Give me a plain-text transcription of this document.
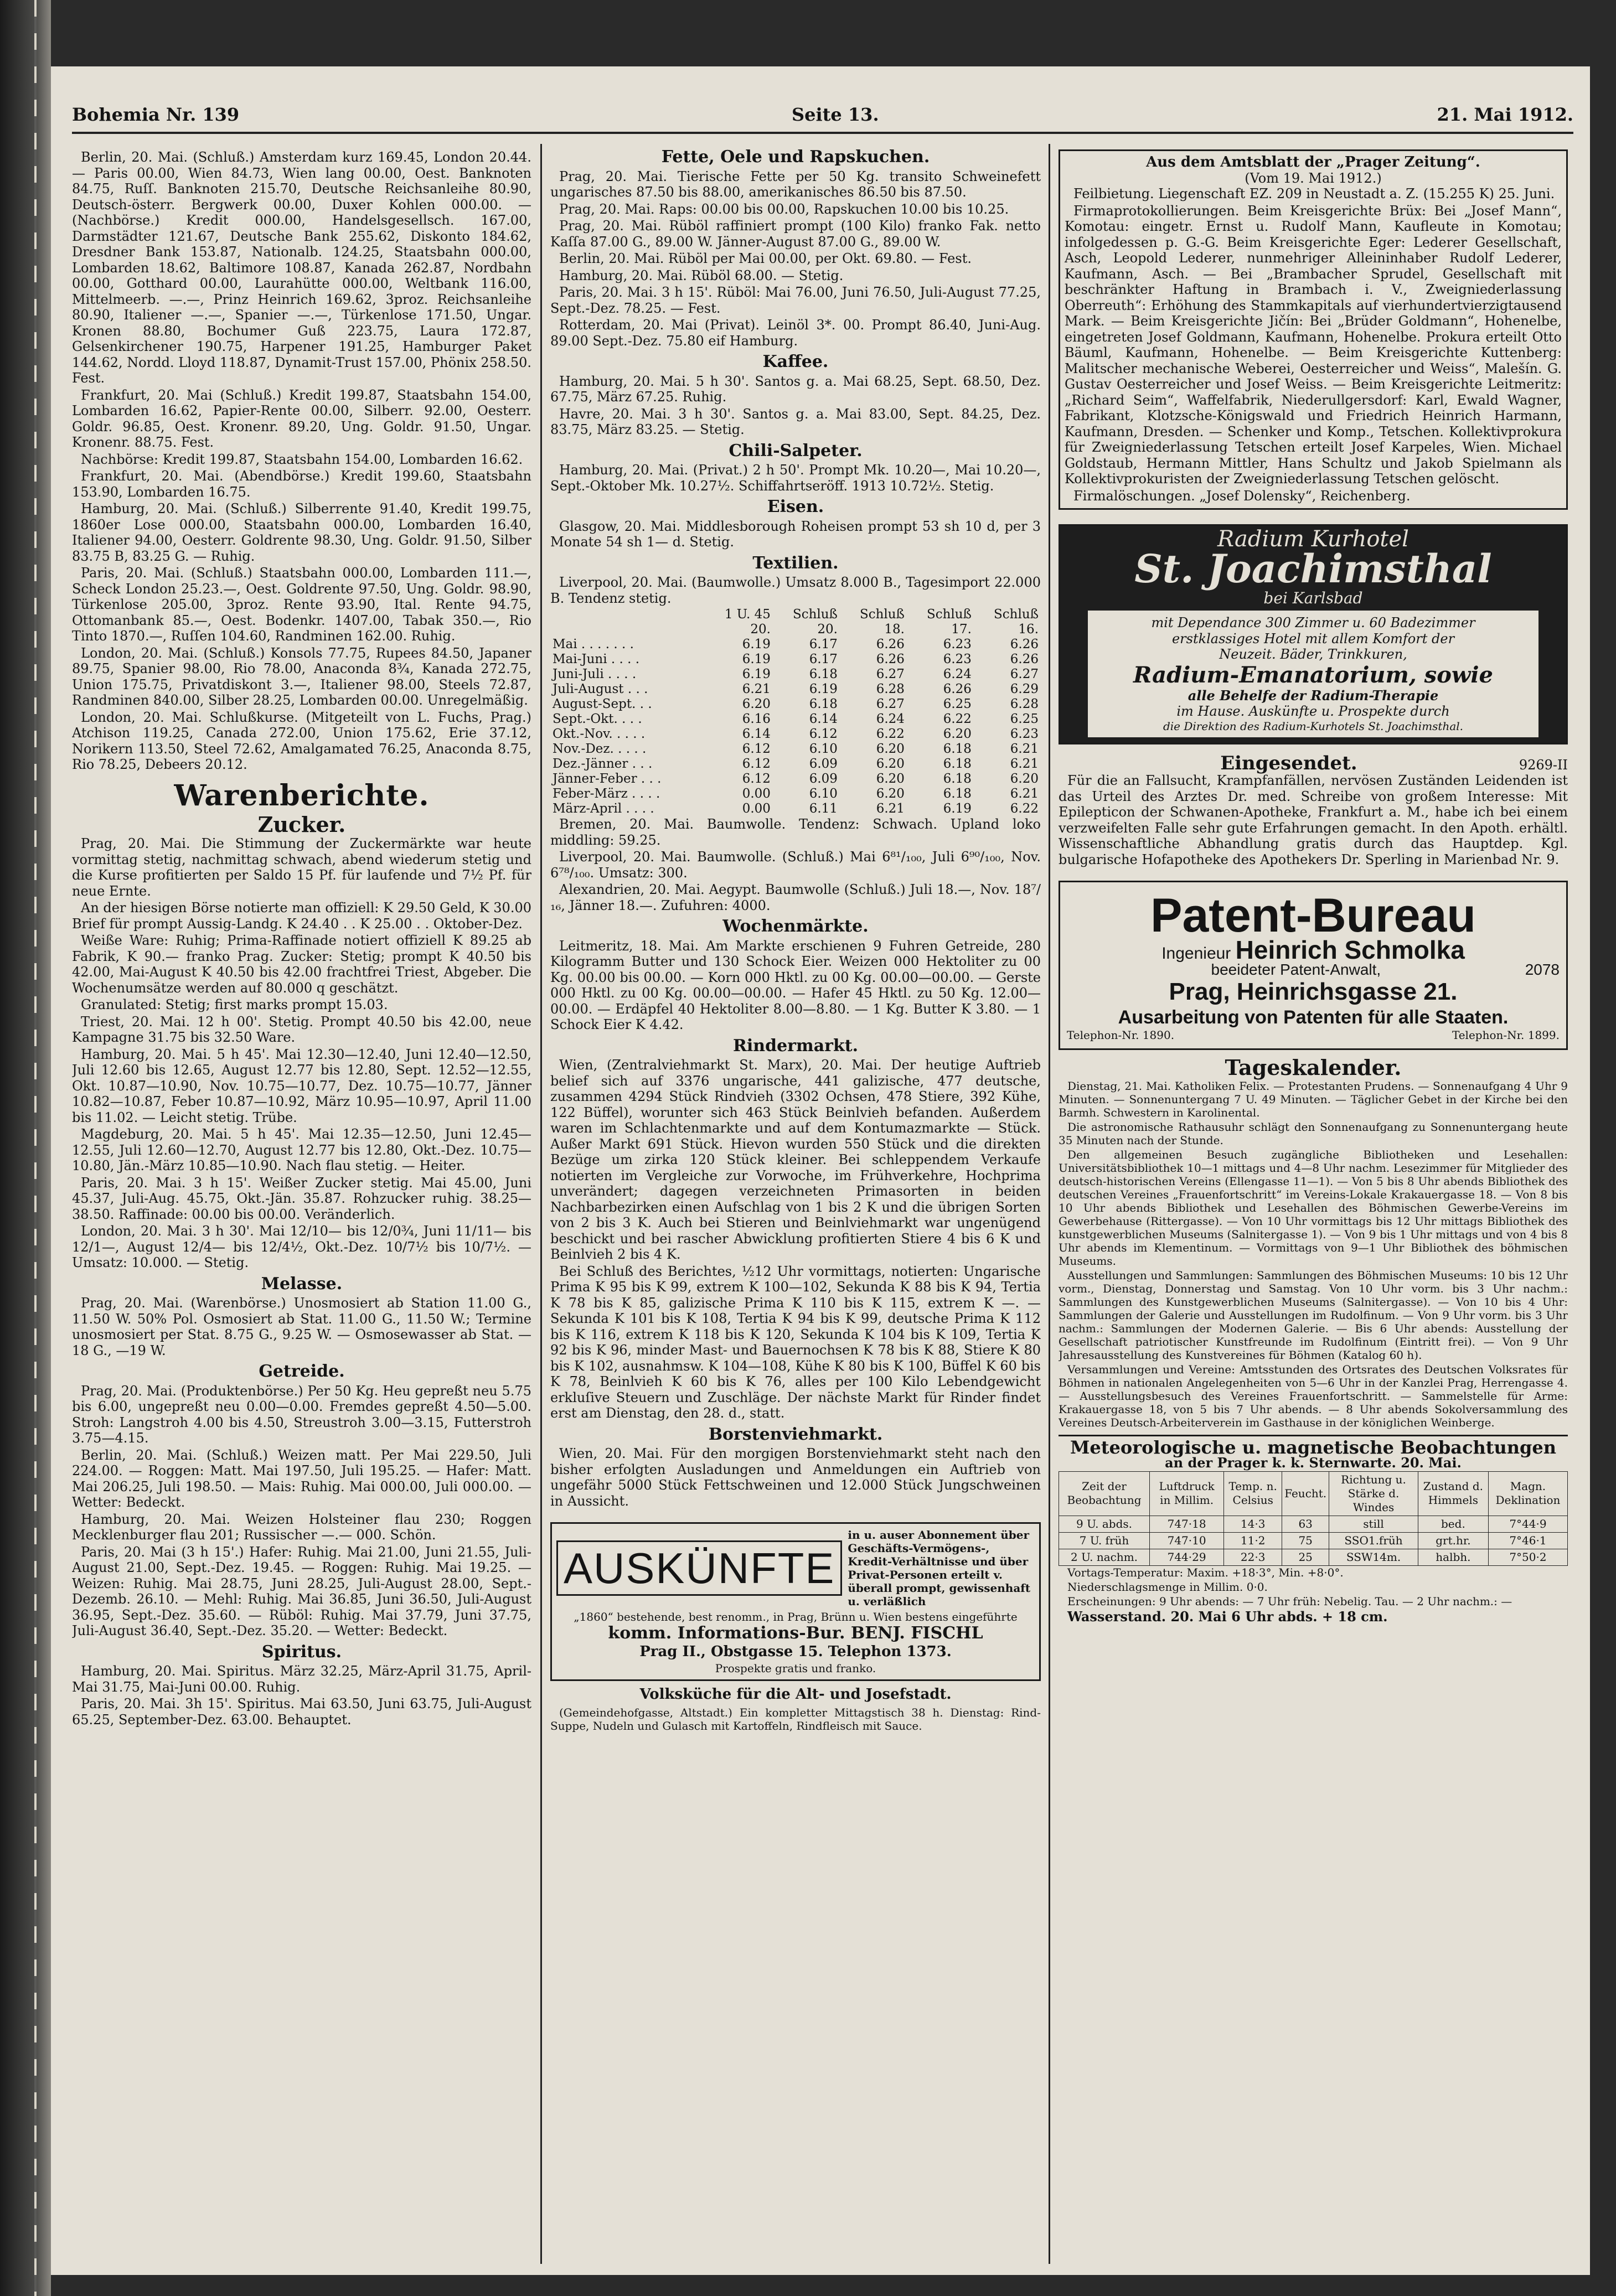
Bohemia Nr. 139	Seite 13.	21. Mai 1912.

Berlin, 20. Mai. (Schluß.) Amsterdam kurz 169.45, London 20.44. — Paris 00.00, Wien 84.73, Wien lang 00.00, Oest. Banknoten 84.75, Ruſſ. Banknoten 215.70, Deutsche Reichsanleihe 80.90, Deutsch-österr. Bergwerk 00.00, Duxer Kohlen 000.00. — (Nachbörse.) Kredit 000.00, Handelsgesellsch. 167.00, Darmstädter 121.67, Deutsche Bank 255.62, Diskonto 184.62, Dresdner Bank 153.87, Nationalb. 124.25, Staatsbahn 000.00, Lombarden 18.62, Baltimore 108.87, Kanada 262.87, Nordbahn 00.00, Gotthard 00.00, Laurahütte 000.00, Weltbank 116.00, Mittelmeerb. —.—, Prinz Heinrich 169.62, 3proz. Reichsanleihe 80.90, Italiener —.—, Spanier —.—, Türkenlose 171.50, Ungar. Kronen 88.80, Bochumer Guß 223.75, Laura 172.87, Gelsenkirchener 190.75, Harpener 191.25, Hamburger Paket 144.62, Nordd. Lloyd 118.87, Dynamit-Trust 157.00, Phönix 258.50. Fest.

Frankfurt, 20. Mai (Schluß.) Kredit 199.87, Staatsbahn 154.00, Lombarden 16.62, Papier-Rente 00.00, Silberr. 92.00, Oesterr. Goldr. 96.85, Oest. Kronenr. 89.20, Ung. Goldr. 91.50, Ungar. Kronenr. 88.75. Fest.

Nachbörse: Kredit 199.87, Staatsbahn 154.00, Lombarden 16.62.

Frankfurt, 20. Mai. (Abendbörse.) Kredit 199.60, Staatsbahn 153.90, Lombarden 16.75.

Hamburg, 20. Mai. (Schluß.) Silberrente 91.40, Kredit 199.75, 1860er Lose 000.00, Staatsbahn 000.00, Lombarden 16.40, Italiener 94.00, Oesterr. Goldrente 98.30, Ung. Goldr. 91.50, Silber 83.75 B, 83.25 G. — Ruhig.

Paris, 20. Mai. (Schluß.) Staatsbahn 000.00, Lombarden 111.—, Scheck London 25.23.—, Oest. Goldrente 97.50, Ung. Goldr. 98.90, Türkenlose 205.00, 3proz. Rente 93.90, Ital. Rente 94.75, Ottomanbank 85.—, Oest. Bodenkr. 1407.00, Tabak 350.—, Rio Tinto 1870.—, Ruſſen 104.60, Randminen 162.00. Ruhig.

London, 20. Mai. (Schluß.) Konsols 77.75, Rupees 84.50, Japaner 89.75, Spanier 98.00, Rio 78.00, Anaconda 8¾, Kanada 272.75, Union 175.75, Privatdiskont 3.—, Italiener 98.00, Steels 72.87, Randminen 840.00, Silber 28.25, Lombarden 00.00. Unregelmäßig.

London, 20. Mai. Schlußkurse. (Mitgeteilt von L. Fuchs, Prag.) Atchison 119.25, Canada 272.00, Union 175.62, Erie 37.12, Norikern 113.50, Steel 72.62, Amalgamated 76.25, Anaconda 8.75, Rio 78.25, Debeers 20.12.

Warenberichte.
Zucker.

Prag, 20. Mai. Die Stimmung der Zuckermärkte war heute vormittag stetig, nachmittag schwach, abend wiederum stetig und die Kurse profitierten per Saldo 15 Pf. für laufende und 7½ Pf. für neue Ernte.

An der hiesigen Börse notierte man offiziell: K 29.50 Geld, K 30.00 Brief für prompt Aussig-Landg. K 24.40 . . K 25.00 . . Oktober-Dez.

Weiße Ware: Ruhig; Prima-Raffinade notiert offiziell K 89.25 ab Fabrik, K 90.— franko Prag. Zucker: Stetig; prompt K 40.50 bis 42.00, Mai-August K 40.50 bis 42.00 frachtfrei Triest, Abgeber. Die Wochenumsätze werden auf 80.000 q geschätzt.

Granulated: Stetig; first marks prompt 15.03.

Triest, 20. Mai. 12 h 00'. Stetig. Prompt 40.50 bis 42.00, neue Kampagne 31.75 bis 32.50 Ware.

Hamburg, 20. Mai. 5 h 45'. Mai 12.30—12.40, Juni 12.40—12.50, Juli 12.60 bis 12.65, August 12.77 bis 12.80, Sept. 12.52—12.55, Okt. 10.87—10.90, Nov. 10.75—10.77, Dez. 10.75—10.77, Jänner 10.82—10.87, Feber 10.87—10.92, März 10.95—10.97, April 11.00 bis 11.02. — Leicht stetig. Trübe.

Magdeburg, 20. Mai. 5 h 45'. Mai 12.35—12.50, Juni 12.45—12.55, Juli 12.60—12.70, August 12.77 bis 12.80, Okt.-Dez. 10.75—10.80, Jän.-März 10.85—10.90. Nach flau stetig. — Heiter.

Paris, 20. Mai. 3 h 15'. Weißer Zucker stetig. Mai 45.00, Juni 45.37, Juli-Aug. 45.75, Okt.-Jän. 35.87. Rohzucker ruhig. 38.25—38.50. Raffinade: 00.00 bis 00.00. Veränderlich.

London, 20. Mai. 3 h 30'. Mai 12/10— bis 12/0¾, Juni 11/11— bis 12/1—, August 12/4— bis 12/4½, Okt.-Dez. 10/7½ bis 10/7½. — Umsatz: 10.000. — Stetig.

Melasse.

Prag, 20. Mai. (Warenbörse.) Unosmosiert ab Station 11.00 G., 11.50 W. 50% Pol. Osmosiert ab Stat. 11.00 G., 11.50 W.; Termine unosmosiert per Stat. 8.75 G., 9.25 W. — Osmosewasser ab Stat. —18 G., —19 W.

Getreide.

Prag, 20. Mai. (Produktenbörse.) Per 50 Kg. Heu gepreßt neu 5.75 bis 6.00, ungepreßt neu 0.00—0.00. Fremdes gepreßt 4.50—5.00. Stroh: Langstroh 4.00 bis 4.50, Streustroh 3.00—3.15, Futterstroh 3.75—4.15.

Berlin, 20. Mai. (Schluß.) Weizen matt. Per Mai 229.50, Juli 224.00. — Roggen: Matt. Mai 197.50, Juli 195.25. — Hafer: Matt. Mai 206.25, Juli 198.50. — Mais: Ruhig. Mai 000.00, Juli 000.00. — Wetter: Bedeckt.

Hamburg, 20. Mai. Weizen Holsteiner flau 230; Roggen Mecklenburger flau 201; Russischer —.— 000. Schön.

Paris, 20. Mai (3 h 15'.) Hafer: Ruhig. Mai 21.00, Juni 21.55, Juli-August 21.00, Sept.-Dez. 19.45. — Roggen: Ruhig. Mai 19.25. — Weizen: Ruhig. Mai 28.75, Juni 28.25, Juli-August 28.00, Sept.-Dezemb. 26.10. — Mehl: Ruhig. Mai 36.85, Juni 36.50, Juli-August 36.95, Sept.-Dez. 35.60. — Rüböl: Ruhig. Mai 37.79, Juni 37.75, Juli-August 36.40, Sept.-Dez. 35.20. — Wetter: Bedeckt.

Spiritus.

Hamburg, 20. Mai. Spiritus. März 32.25, März-April 31.75, April-Mai 31.75, Mai-Juni 00.00. Ruhig.

Paris, 20. Mai. 3h 15'. Spiritus. Mai 63.50, Juni 63.75, Juli-August 65.25, September-Dez. 63.00. Behauptet.

Fette, Oele und Rapskuchen.

Prag, 20. Mai. Tierische Fette per 50 Kg. transito Schweinefett ungarisches 87.50 bis 88.00, amerikanisches 86.50 bis 87.50.

Prag, 20. Mai. Raps: 00.00 bis 00.00, Rapskuchen 10.00 bis 10.25.

Prag, 20. Mai. Rüböl raffiniert prompt (100 Kilo) franko Fak. netto Kaſſa 87.00 G., 89.00 W. Jänner-August 87.00 G., 89.00 W.

Berlin, 20. Mai. Rüböl per Mai 00.00, per Okt. 69.80. — Fest.

Hamburg, 20. Mai. Rüböl 68.00. — Stetig.

Paris, 20. Mai. 3 h 15'. Rüböl: Mai 76.00, Juni 76.50, Juli-August 77.25, Sept.-Dez. 78.25. — Fest.

Rotterdam, 20. Mai (Privat). Leinöl 3*. 00. Prompt 86.40, Juni-Aug. 89.00 Sept.-Dez. 75.80 eif Hamburg.

Kaffee.

Hamburg, 20. Mai. 5 h 30'. Santos g. a. Mai 68.25, Sept. 68.50, Dez. 67.75, März 67.25. Ruhig.

Havre, 20. Mai. 3 h 30'. Santos g. a. Mai 83.00, Sept. 84.25, Dez. 83.75, März 83.25. — Stetig.

Chili-Salpeter.

Hamburg, 20. Mai. (Privat.) 2 h 50'. Prompt Mk. 10.20—, Mai 10.20—, Sept.-Oktober Mk. 10.27½. Schiffahrtseröff. 1913 10.72½. Stetig.

Eisen.

Glasgow, 20. Mai. Middlesborough Roheisen prompt 53 sh 10 d, per 3 Monate 54 sh 1— d. Stetig.

Textilien.

Liverpool, 20. Mai. (Baumwolle.) Umsatz 8.000 B., Tagesimport 22.000 B. Tendenz stetig.

	1 U. 45	Schluß	Schluß	Schluß	Schluß
	20.	20.	18.	17.	16.
Mai . . . . . . .	6.19	6.17	6.26	6.23	6.26
Mai-Juni . . . .	6.19	6.17	6.26	6.23	6.26
Juni-Juli . . . .	6.19	6.18	6.27	6.24	6.27
Juli-August . . .	6.21	6.19	6.28	6.26	6.29
August-Sept. . .	6.20	6.18	6.27	6.25	6.28
Sept.-Okt. . . .	6.16	6.14	6.24	6.22	6.25
Okt.-Nov. . . . .	6.14	6.12	6.22	6.20	6.23
Nov.-Dez. . . . .	6.12	6.10	6.20	6.18	6.21
Dez.-Jänner . . .	6.12	6.09	6.20	6.18	6.21
Jänner-Feber . . .	6.12	6.09	6.20	6.18	6.20
Feber-März . . . .	0.00	6.10	6.20	6.18	6.21
März-April . . . .	0.00	6.11	6.21	6.19	6.22

Bremen, 20. Mai. Baumwolle. Tendenz: Schwach. Upland loko middling: 59.25.

Liverpool, 20. Mai. Baumwolle. (Schluß.) Mai 6⁸¹/₁₀₀, Juli 6⁹⁰/₁₀₀, Nov. 6⁷⁸/₁₀₀. Umsatz: 300.

Alexandrien, 20. Mai. Aegypt. Baumwolle (Schluß.) Juli 18.—, Nov. 18⁷/₁₆, Jänner 18.—. Zufuhren: 4000.

Wochenmärkte.

Leitmeritz, 18. Mai. Am Markte erschienen 9 Fuhren Getreide, 280 Kilogramm Butter und 130 Schock Eier. Weizen 000 Hektoliter zu 00 Kg. 00.00 bis 00.00. — Korn 000 Hktl. zu 00 Kg. 00.00—00.00. — Gerste 000 Hktl. zu 00 Kg. 00.00—00.00. — Hafer 45 Hktl. zu 50 Kg. 12.00—00.00. — Erdäpfel 40 Hektoliter 8.00—8.80. — 1 Kg. Butter K 3.80. — 1 Schock Eier K 4.42.

Rindermarkt.

Wien, (Zentralviehmarkt St. Marx), 20. Mai. Der heutige Auftrieb belief sich auf 3376 ungarische, 441 galizische, 477 deutsche, zusammen 4294 Stück Rindvieh (3302 Ochsen, 478 Stiere, 392 Kühe, 122 Büffel), worunter sich 463 Stück Beinlvieh befanden. Außerdem waren im Schlachtenmarkte und auf dem Kontumazmarkte — Stück. Außer Markt 691 Stück. Hievon wurden 550 Stück und die direkten Bezüge um zirka 120 Stück kleiner. Bei schleppendem Verkaufe notierten im Vergleiche zur Vorwoche, im Frühverkehre, Hochprima unverändert; dagegen verzeichneten Primasorten in beiden Nachbarbezirken einen Aufschlag von 1 bis 2 K und die übrigen Sorten von 2 bis 3 K. Auch bei Stieren und Beinlviehmarkt war ungenügend beschickt und bei rascher Abwicklung profitierten Stiere 4 bis 6 K und Beinlvieh 2 bis 4 K.

Bei Schluß des Berichtes, ½12 Uhr vormittags, notierten: Ungarische Prima K 95 bis K 99, extrem K 100—102, Sekunda K 88 bis K 94, Tertia K 78 bis K 85, galizische Prima K 110 bis K 115, extrem K —. — Sekunda K 101 bis K 108, Tertia K 94 bis K 99, deutsche Prima K 112 bis K 116, extrem K 118 bis K 120, Sekunda K 104 bis K 109, Tertia K 92 bis K 96, minder Mast- und Bauernochsen K 78 bis K 88, Stiere K 80 bis K 102, ausnahmsw. K 104—108, Kühe K 80 bis K 100, Büffel K 60 bis K 78, Beinlvieh K 60 bis K 76, alles per 100 Kilo Lebendgewicht erkluſive Steuern und Zuschläge. Der nächste Markt für Rinder findet erst am Dienstag, den 28. d., statt.

Borstenviehmarkt.

Wien, 20. Mai. Für den morgigen Borstenviehmarkt steht nach den bisher erfolgten Ausladungen und Anmeldungen ein Auftrieb von ungefähr 5000 Stück Fettschweinen und 12.000 Stück Jungschweinen in Aussicht.

AUSKÜNFTE
in u. auser Abonnement über Geschäfts-Vermögens-, Kredit-Verhältnisse und über Privat-Personen erteilt v. überall prompt, gewissenhaft u. verläßlich
„1860“ bestehende, best renomm., in Prag, Brünn u. Wien bestens eingeführte
komm. Informations-Bur. BENJ. FISCHL
Prag II., Obstgasse 15. Telephon 1373.
Prospekte gratis und franko.
Volksküche für die Alt- und Josefstadt.

(Gemeindehofgasse, Altstadt.) Ein kompletter Mittagstisch 38 h. Dienstag: Rind-Suppe, Nudeln und Gulasch mit Kartoffeln, Rindfleisch mit Sauce.

Aus dem Amtsblatt der „Prager Zeitung“.
(Vom 19. Mai 1912.)

Feilbietung. Liegenschaft EZ. 209 in Neustadt a. Z. (15.255 K) 25. Juni.

Firmaprotokollierungen. Beim Kreisgerichte Brüx: Bei „Josef Mann“, Komotau: eingetr. Ernst u. Rudolf Mann, Kaufleute in Komotau; infolgedessen p. G.-G. Beim Kreisgerichte Eger: Lederer Gesellschaft, Asch, Leopold Lederer, nunmehriger Alleininhaber Rudolf Lederer, Kaufmann, Asch. — Bei „Brambacher Sprudel, Gesellschaft mit beschränkter Haftung in Brambach i. V., Zweigniederlassung Oberreuth“: Erhöhung des Stammkapitals auf vierhundertvierzigtausend Mark. — Beim Kreisgerichte Jičín: Bei „Brüder Goldmann“, Hohenelbe, eingetreten Josef Goldmann, Kaufmann, Hohenelbe. Prokura erteilt Otto Bäuml, Kaufmann, Hohenelbe. — Beim Kreisgerichte Kuttenberg: Malitscher mechanische Weberei, Oesterreicher und Weiss“, Malešín. G. Gustav Oesterreicher und Josef Weiss. — Beim Kreisgerichte Leitmeritz: „Richard Seim“, Waffelfabrik, Niederullgersdorf: Karl, Ewald Wagner, Fabrikant, Klotzsche-Königswald und Friedrich Heinrich Harmann, Kaufmann, Dresden. — Schenker und Komp., Tetschen. Kollektivprokura für Zweigniederlassung Tetschen erteilt Josef Karpeles, Wien. Michael Goldstaub, Hermann Mittler, Hans Schultz und Jakob Spielmann als Kollektivprokuristen der Zweigniederlassung Tetschen gelöscht.

Firmalöschungen. „Josef Dolensky“, Reichenberg.

Radium Kurhotel
St. Joachimsthal
bei Karlsbad
mit Dependance 300 Zimmer u. 60 Badezimmer
erstklassiges Hotel mit allem Komfort der
Neuzeit. Bäder, Trinkkuren,
Radium-Emanatorium, sowie
alle Behelfe der Radium-Therapie
im Hause. Auskünfte u. Prospekte durch
die Direktion des Radium-Kurhotels St. Joachimsthal.
Eingesendet.	9269-II

Für die an Fallsucht, Krampfanfällen, nervösen Zuständen Leidenden ist das Urteil des Arztes Dr. med. Schreibe von großem Interesse: Mit Epilepticon der Schwanen-Apotheke, Frankfurt a. M., habe ich bei einem verzweifelten Falle sehr gute Erfahrungen gemacht. In den Apoth. erhältl. Wissenschaftliche Abhandlung gratis durch das Hauptdep. Kgl. bulgarische Hofapotheke des Apothekers Dr. Sperling in Marienbad Nr. 9.

Patent-Bureau
Ingenieur Heinrich Schmolka
beeideter Patent-Anwalt,	2078
Prag, Heinrichsgasse 21.
Ausarbeitung von Patenten für alle Staaten.
Telephon-Nr. 1890.	Telephon-Nr. 1899.
Tageskalender.

Dienstag, 21. Mai. Katholiken Felix. — Protestanten Prudens. — Sonnenaufgang 4 Uhr 9 Minuten. — Sonnenuntergang 7 U. 49 Minuten. — Täglicher Gebet in der Kirche bei den Barmh. Schwestern in Karolinental.

Die astronomische Rathausuhr schlägt den Sonnenaufgang zu Sonnenuntergang heute 35 Minuten nach der Stunde.

Den allgemeinen Besuch zugängliche Bibliotheken und Lesehallen: Universitätsbibliothek 10—1 mittags und 4—8 Uhr nachm. Lesezimmer für Mitglieder des deutsch-historischen Vereins (Ellengasse 11—1). — Von 5 bis 8 Uhr abends Bibliothek des deutschen Vereines „Frauenfortschritt“ im Vereins-Lokale Krakauergasse 18. — Von 8 bis 10 Uhr abends Bibliothek und Lesehallen des Böhmischen Gewerbe-Vereins im Gewerbehause (Rittergasse). — Von 10 Uhr vormittags bis 12 Uhr mittags Bibliothek des kunstgewerblichen Museums (Salnitergasse 1). — Von 9 bis 1 Uhr mittags und von 4 bis 8 Uhr abends im Klementinum. — Vormittags von 9—1 Uhr Bibliothek des böhmischen Museums.

Ausstellungen und Sammlungen: Sammlungen des Böhmischen Museums: 10 bis 12 Uhr vorm., Dienstag, Donnerstag und Samstag. Von 10 Uhr vorm. bis 3 Uhr nachm.: Sammlungen des Kunstgewerblichen Museums (Salnitergasse). — Von 10 bis 4 Uhr: Sammlungen der Galerie und Ausstellungen im Rudolfinum. — Von 9 Uhr vorm. bis 3 Uhr nachm.: Sammlungen der Modernen Galerie. — Bis 6 Uhr abends: Ausstellung der Gesellschaft patriotischer Kunstfreunde im Rudolfinum (Eintritt frei). — Von 9 Uhr Jahresausstellung des Kunstvereines für Böhmen (Katalog 60 h).

Versammlungen und Vereine: Amtsstunden des Ortsrates des Deutschen Volksrates für Böhmen in nationalen Angelegenheiten von 5—6 Uhr in der Kanzlei Prag, Herrengasse 4. — Ausstellungsbesuch des Vereines Frauenfortschritt. — Sammelstelle für Arme: Krakauergasse 18, von 5 bis 7 Uhr abends. — 8 Uhr abends Sokolversammlung des Vereines Deutsch-Arbeiterverein im Gasthause in der königlichen Weinberge.

Meteorologische u. magnetische Beobachtungen
an der Prager k. k. Sternwarte. 20. Mai.
Zeit der Beobachtung	Luftdruck in Millim.	Temp. n. Celsius	Feucht.	Richtung u. Stärke d. Windes	Zustand d. Himmels	Magn. Deklination
9 U. abds.	747·18	14·3	63	still	bed.	7°44·9
7 U. früh	747·10	11·2	75	SSO1.früh	grt.hr.	7°46·1
2 U. nachm.	744·29	22·3	25	SSW14m.	halbh.	7°50·2

Vortags-Temperatur: Maxim. +18·3°, Min. +8·0°.

Niederschlagsmenge in Millim. 0·0.

Erscheinungen: 9 Uhr abends: — 7 Uhr früh: Nebelig. Tau. — 2 Uhr nachm.: —

Wasserstand. 20. Mai 6 Uhr abds. + 18 cm.
